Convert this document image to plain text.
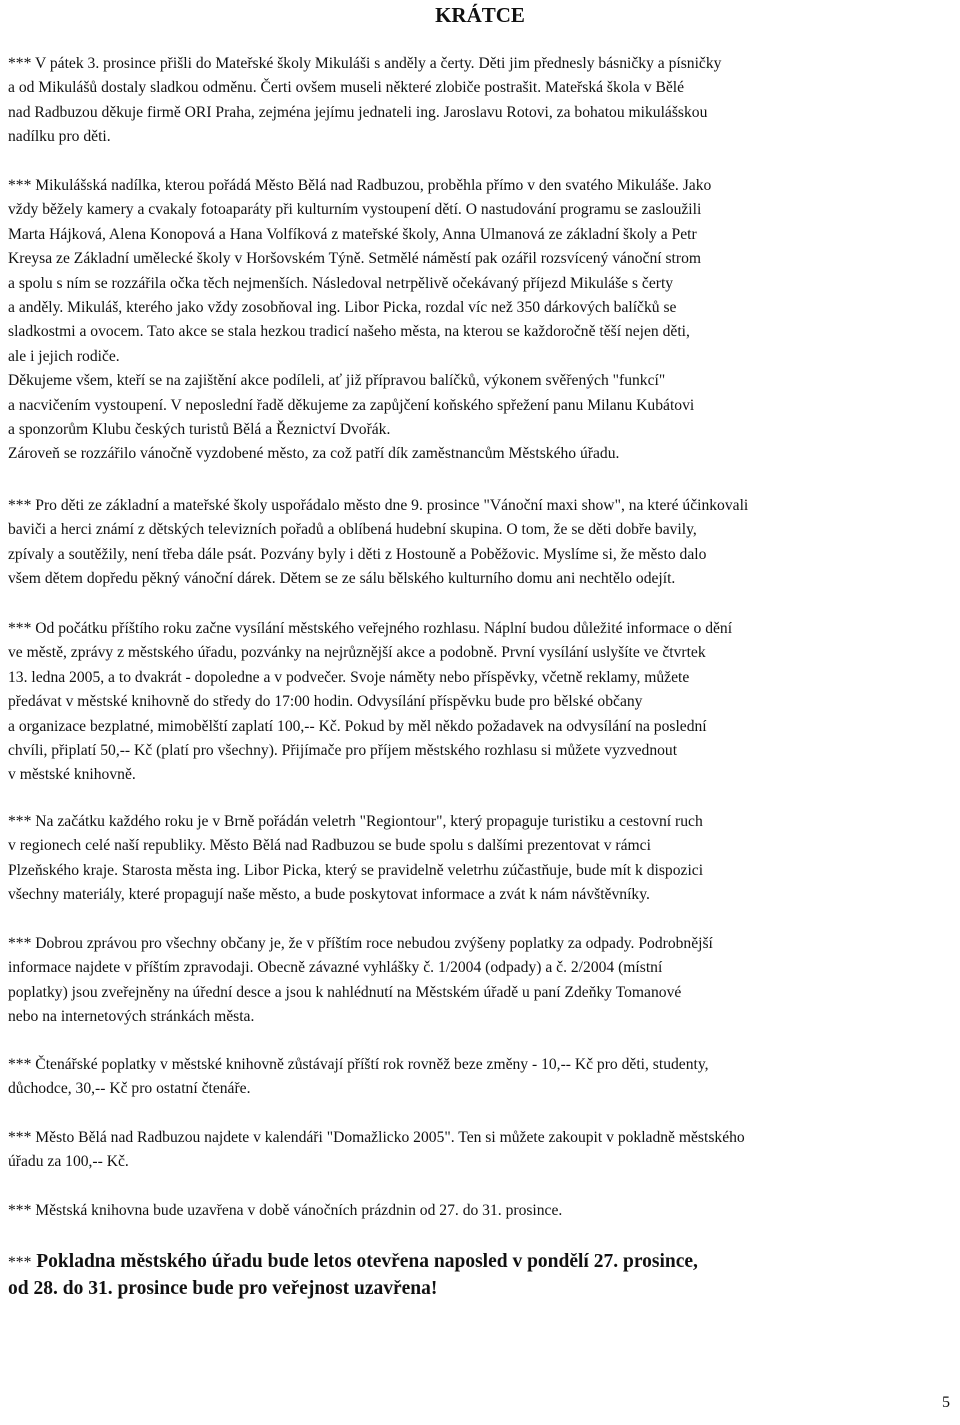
KRÁTCE
*** V pátek 3. prosince přišli do Mateřské školy Mikuláši s anděly a čerty. Děti jim přednesly básničky a písničky
a od Mikulášů dostaly sladkou odměnu. Čerti ovšem museli některé zlobiče postrašit. Mateřská škola v Bělé
nad Radbuzou děkuje firmě ORI Praha, zejména jejímu jednateli ing. Jaroslavu Rotovi, za bohatou mikulášskou
nadílku pro děti.
*** Mikulášská nadílka, kterou pořádá Město Bělá nad Radbuzou, proběhla přímo v den svatého Mikuláše. Jako
vždy běžely kamery a cvakaly fotoaparáty při kulturním vystoupení dětí. O nastudování programu se zasloužili
Marta Hájková, Alena Konopová a Hana Volfíková z mateřské školy, Anna Ulmanová ze základní školy a Petr
Kreysa ze Základní umělecké školy v Horšovském Týně. Setmělé náměstí pak ozářil rozsvícený vánoční strom
a spolu s ním se rozzářila očka těch nejmenších. Následoval netrpělivě očekávaný příjezd Mikuláše s čerty
a anděly. Mikuláš, kterého jako vždy zosobňoval ing. Libor Picka, rozdal víc než 350 dárkových balíčků se
sladkostmi a ovocem. Tato akce se stala hezkou tradicí našeho města, na kterou se každoročně těší nejen děti,
ale i jejich rodiče.
Děkujeme všem, kteří se na zajištění akce podíleli, ať již přípravou balíčků, výkonem svěřených "funkcí"
a nacvičením vystoupení. V neposlední řadě děkujeme za zapůjčení koňského spřežení panu Milanu Kubátovi
a sponzorům Klubu českých turistů Bělá a Řeznictví Dvořák.
Zároveň se rozzářilo vánočně vyzdobené město, za což patří dík zaměstnancům Městského úřadu.
*** Pro děti ze základní a mateřské školy uspořádalo město dne 9. prosince "Vánoční maxi show", na které účinkovali
baviči a herci známí z dětských televizních pořadů a oblíbená hudební skupina. O tom, že se děti dobře bavily,
zpívaly a soutěžily, není třeba dále psát. Pozvány byly i děti z Hostouně a Poběžovic. Myslíme si, že město dalo
všem dětem dopředu pěkný vánoční dárek. Dětem se ze sálu bělského kulturního domu ani nechtělo odejít.
*** Od počátku příštího roku začne vysílání městského veřejného rozhlasu. Náplní budou důležité informace o dění
ve městě, zprávy z městského úřadu, pozvánky na nejrůznější akce a podobně. První vysílání uslyšíte ve čtvrtek
13. ledna 2005, a to dvakrát - dopoledne a v podvečer. Svoje náměty nebo příspěvky, včetně reklamy, můžete
předávat v městské knihovně do středy do 17:00 hodin. Odvysílání příspěvku bude pro bělské občany
a organizace bezplatné, mimobělští zaplatí 100,-- Kč. Pokud by měl někdo požadavek na odvysílání na poslední
chvíli, připlatí 50,-- Kč (platí pro všechny). Přijímače pro příjem městského rozhlasu si můžete vyzvednout
v městské knihovně.
*** Na začátku každého roku je v Brně pořádán veletrh "Regiontour", který propaguje turistiku a cestovní ruch
v regionech celé naší republiky. Město Bělá nad Radbuzou se bude spolu s dalšími prezentovat v rámci
Plzeňského kraje. Starosta města ing. Libor Picka, který se pravidelně veletrhu zúčastňuje, bude mít k dispozici
všechny materiály, které propagují naše město, a bude poskytovat informace a zvát k nám návštěvníky.
*** Dobrou zprávou pro všechny občany je, že v příštím roce nebudou zvýšeny poplatky za odpady. Podrobnější
informace najdete v příštím zpravodaji. Obecně závazné vyhlášky č. 1/2004 (odpady) a č. 2/2004 (místní
poplatky) jsou zveřejněny na úřední desce a jsou k nahlédnutí na Městském úřadě u paní Zdeňky Tomanové
nebo na internetových stránkách města.
*** Čtenářské poplatky v městské knihovně zůstávají příští rok rovněž beze změny - 10,-- Kč pro děti, studenty,
důchodce, 30,-- Kč pro ostatní čtenáře.
*** Město Bělá nad Radbuzou najdete v kalendáři "Domažlicko 2005". Ten si můžete zakoupit v pokladně městského
úřadu za 100,-- Kč.
*** Městská knihovna bude uzavřena v době vánočních prázdnin od 27. do 31. prosince.
*** Pokladna městského úřadu bude letos otevřena naposled v pondělí 27. prosince,
od 28. do 31. prosince bude pro veřejnost uzavřena!
5
